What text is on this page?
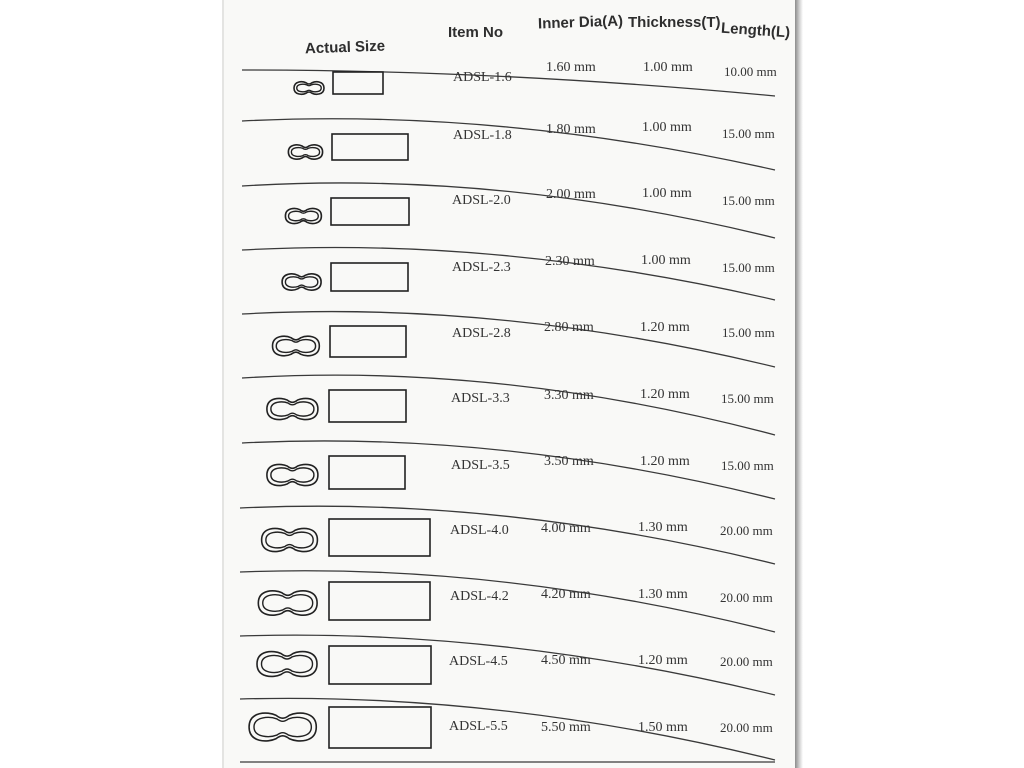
Actual Size
Item No
Inner Dia(A) Thickness(T) Length(L)
ADSL-1.6
1.60 mm	1.00 mm 10.00 mm
ADSL-1.8 1.80 mm	1.00 mm 15.00 mm
ADSL-2.0	2.00 mm	1.00 mm 15.00 mm
ADSL-2.3 2.30 mm	1.00 mm 15.00 mm
ADSL-2.8 2.80 mm	1.20 mm 15.00 mm
ADSL-3.3 3.30 mm	1.20 mm 15.00 mm
ADSL-3.5 3.50 mm	1.20 mm 15.00 mm
ADSL-4.0 4.00 mm	1.30 mm 20.00 mm
ADSL-4.2 4.20 mm	1.30 mm 20.00 mm
ADSL-4.5 4.50 mm	1.20 mm 20.00 mm
ADSL-5.5 5.50 mm	1.50 mm 20.00 mm
